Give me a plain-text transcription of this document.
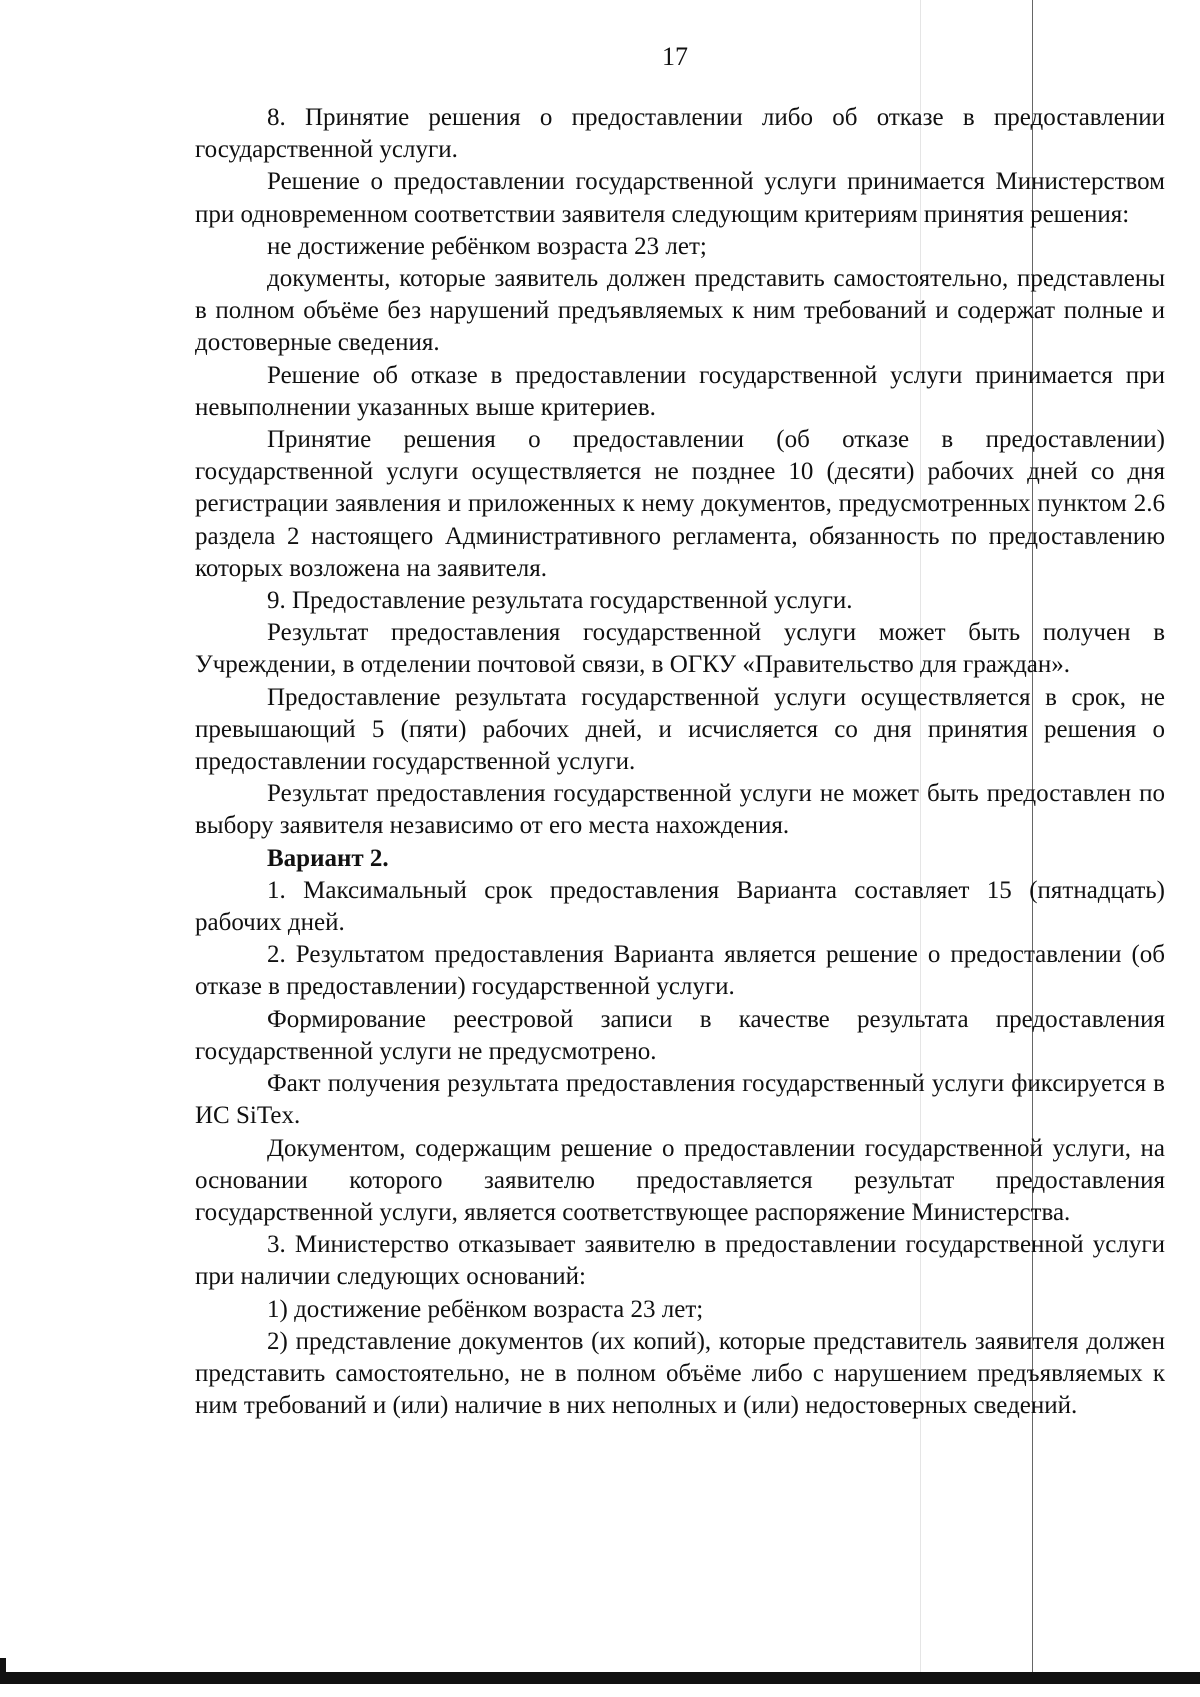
17

8. Принятие решения о предоставлении либо об отказе в предоставлении государственной услуги.

Решение о предоставлении государственной услуги принимается Министерством при одновременном соответствии заявителя следующим критериям принятия решения:

не достижение ребёнком возраста 23 лет;

документы, которые заявитель должен представить самостоятельно, представлены в полном объёме без нарушений предъявляемых к ним требований и содержат полные и достоверные сведения.

Решение об отказе в предоставлении государственной услуги принимается при невыполнении указанных выше критериев.

Принятие решения о предоставлении (об отказе в предоставлении) государственной услуги осуществляется не позднее 10 (десяти) рабочих дней со дня регистрации заявления и приложенных к нему документов, предусмотренных пунктом 2.6 раздела 2 настоящего Административного регламента, обязанность по предоставлению которых возложена на заявителя.

9. Предоставление результата государственной услуги.

Результат предоставления государственной услуги может быть получен в Учреждении, в отделении почтовой связи, в ОГКУ «Правительство для граждан».

Предоставление результата государственной услуги осуществляется в срок, не превышающий 5 (пяти) рабочих дней, и исчисляется со дня принятия решения о предоставлении государственной услуги.

Результат предоставления государственной услуги не может быть предоставлен по выбору заявителя независимо от его места нахождения.

Вариант 2.

1. Максимальный срок предоставления Варианта составляет 15 (пятнадцать) рабочих дней.

2. Результатом предоставления Варианта является решение о предоставлении (об отказе в предоставлении) государственной услуги.

Формирование реестровой записи в качестве результата предоставления государственной услуги не предусмотрено.

Факт получения результата предоставления государственный услуги фиксируется в ИС SiTex.

Документом, содержащим решение о предоставлении государственной услуги, на основании которого заявителю предоставляется результат предоставления государственной услуги, является соответствующее распоряжение Министерства.

3. Министерство отказывает заявителю в предоставлении государственной услуги при наличии следующих оснований:

1) достижение ребёнком возраста 23 лет;

2) представление документов (их копий), которые представитель заявителя должен представить самостоятельно, не в полном объёме либо с нарушением предъявляемых к ним требований и (или) наличие в них неполных и (или) недостоверных сведений.
